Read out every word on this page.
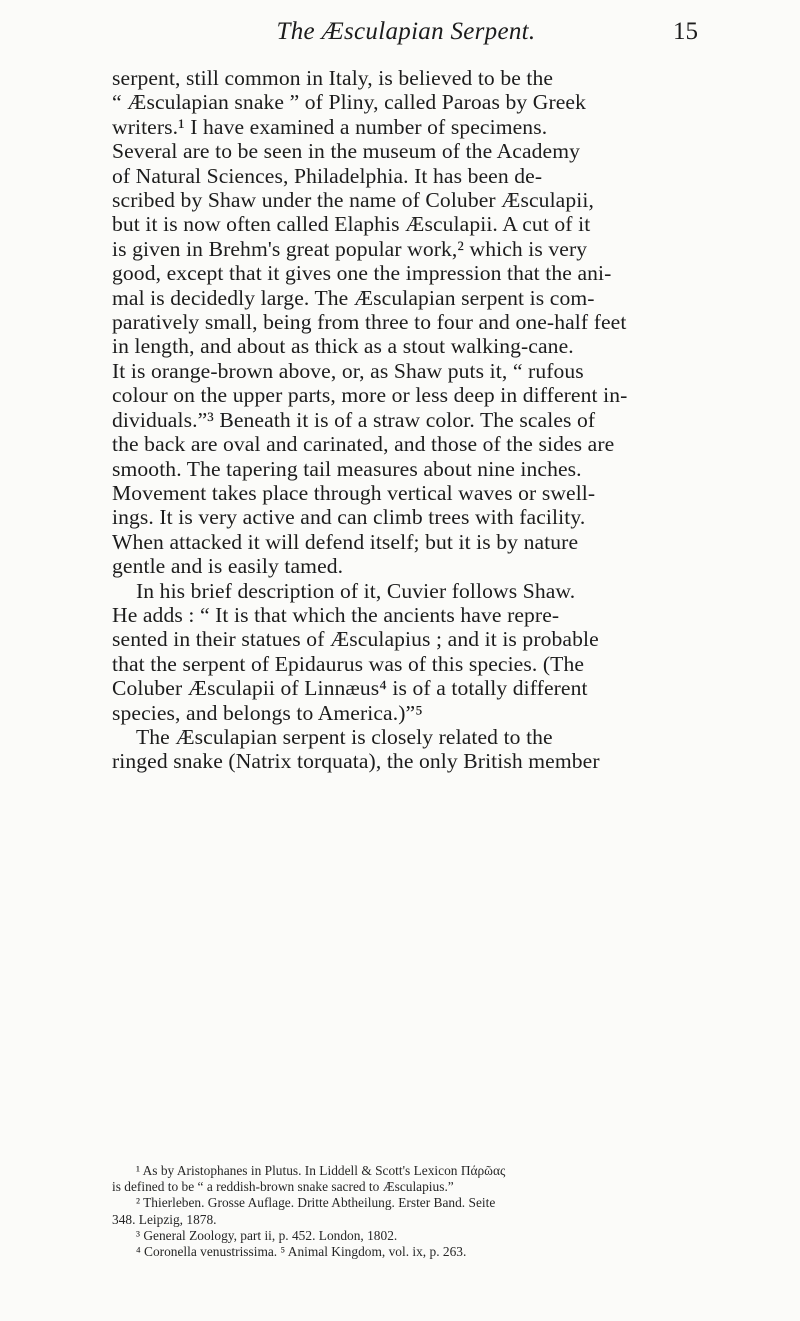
The Æsculapian Serpent.	15
serpent, still common in Italy, is believed to be the
“ Æsculapian snake ” of Pliny, called Paroas by Greek
writers.¹ I have examined a number of specimens.
Several are to be seen in the museum of the Academy
of Natural Sciences, Philadelphia. It has been de-
scribed by Shaw under the name of Coluber Æsculapii,
but it is now often called Elaphis Æsculapii. A cut of it
is given in Brehm's great popular work,² which is very
good, except that it gives one the impression that the ani-
mal is decidedly large. The Æsculapian serpent is com-
paratively small, being from three to four and one-half feet
in length, and about as thick as a stout walking-cane.
It is orange-brown above, or, as Shaw puts it, “ rufous
colour on the upper parts, more or less deep in different in-
dividuals.”³ Beneath it is of a straw color. The scales of
the back are oval and carinated, and those of the sides are
smooth. The tapering tail measures about nine inches.
Movement takes place through vertical waves or swell-
ings. It is very active and can climb trees with facility.
When attacked it will defend itself; but it is by nature
gentle and is easily tamed.
In his brief description of it, Cuvier follows Shaw.
He adds : “ It is that which the ancients have repre-
sented in their statues of Æsculapius ; and it is probable
that the serpent of Epidaurus was of this species. (The
Coluber Æsculapii of Linnæus⁴ is of a totally different
species, and belongs to America.)”⁵
The Æsculapian serpent is closely related to the
ringed snake (Natrix torquata), the only British member
¹ As by Aristophanes in Plutus. In Liddell & Scott's Lexicon Πάρῶας
is defined to be “ a reddish-brown snake sacred to Æsculapius.”
² Thierleben. Grosse Auflage. Dritte Abtheilung. Erster Band. Seite
348. Leipzig, 1878.
³ General Zoology, part ii, p. 452. London, 1802.
⁴ Coronella venustrissima. ⁵ Animal Kingdom, vol. ix, p. 263.
